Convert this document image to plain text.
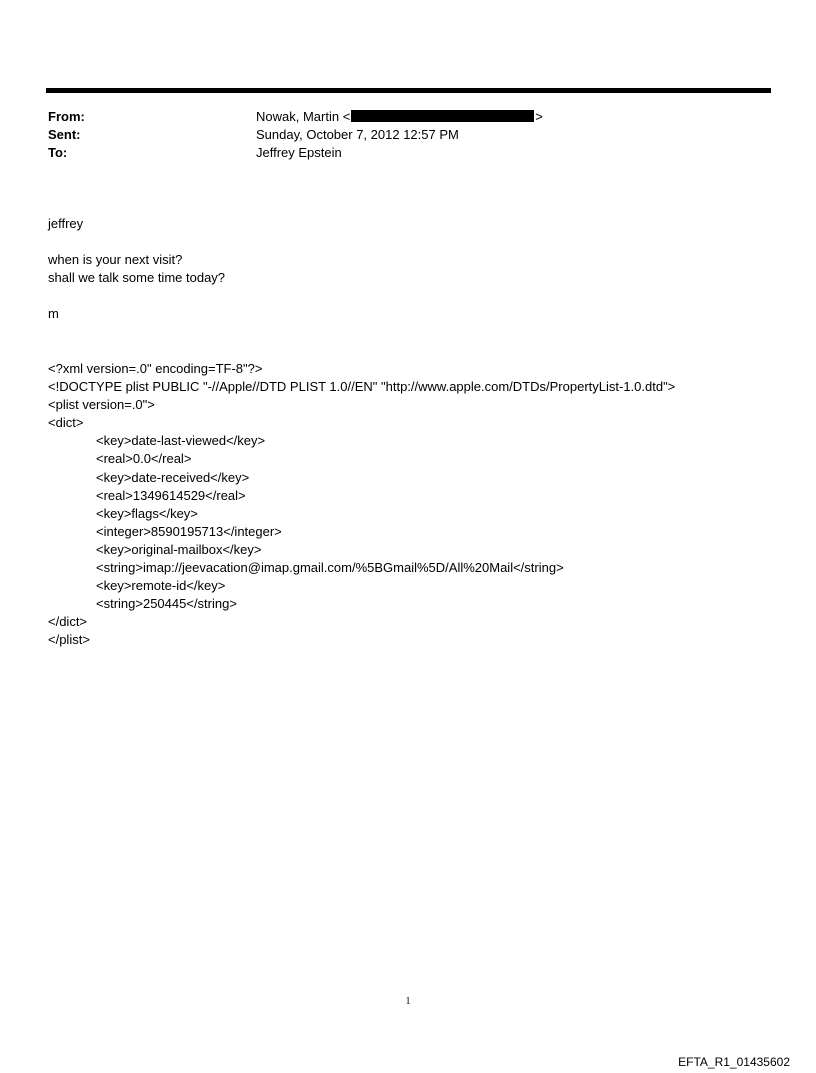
From:	Nowak, Martin <	>
Sent:	Sunday, October 7, 2012 12:57 PM
To:	Jeffrey Epstein
jeffrey
when is your next visit?
shall we talk some time today?
m
<?xml version=.0" encoding=TF-8"?>
<!DOCTYPE plist PUBLIC "-//Apple//DTD PLIST 1.0//EN" "http://www.apple.com/DTDs/PropertyList-1.0.dtd">
<plist version=.0">
<dict>
<key>date-last-viewed</key>
<real>0.0</real>
<key>date-received</key>
<real>1349614529</real>
<key>flags</key>
<integer>8590195713</integer>
<key>original-mailbox</key>
<string>imap://jeevacation@imap.gmail.com/%5BGmail%5D/All%20Mail</string>
<key>remote-id</key>
<string>250445</string>
</dict>
</plist>
1
EFTA_R1_01435602
